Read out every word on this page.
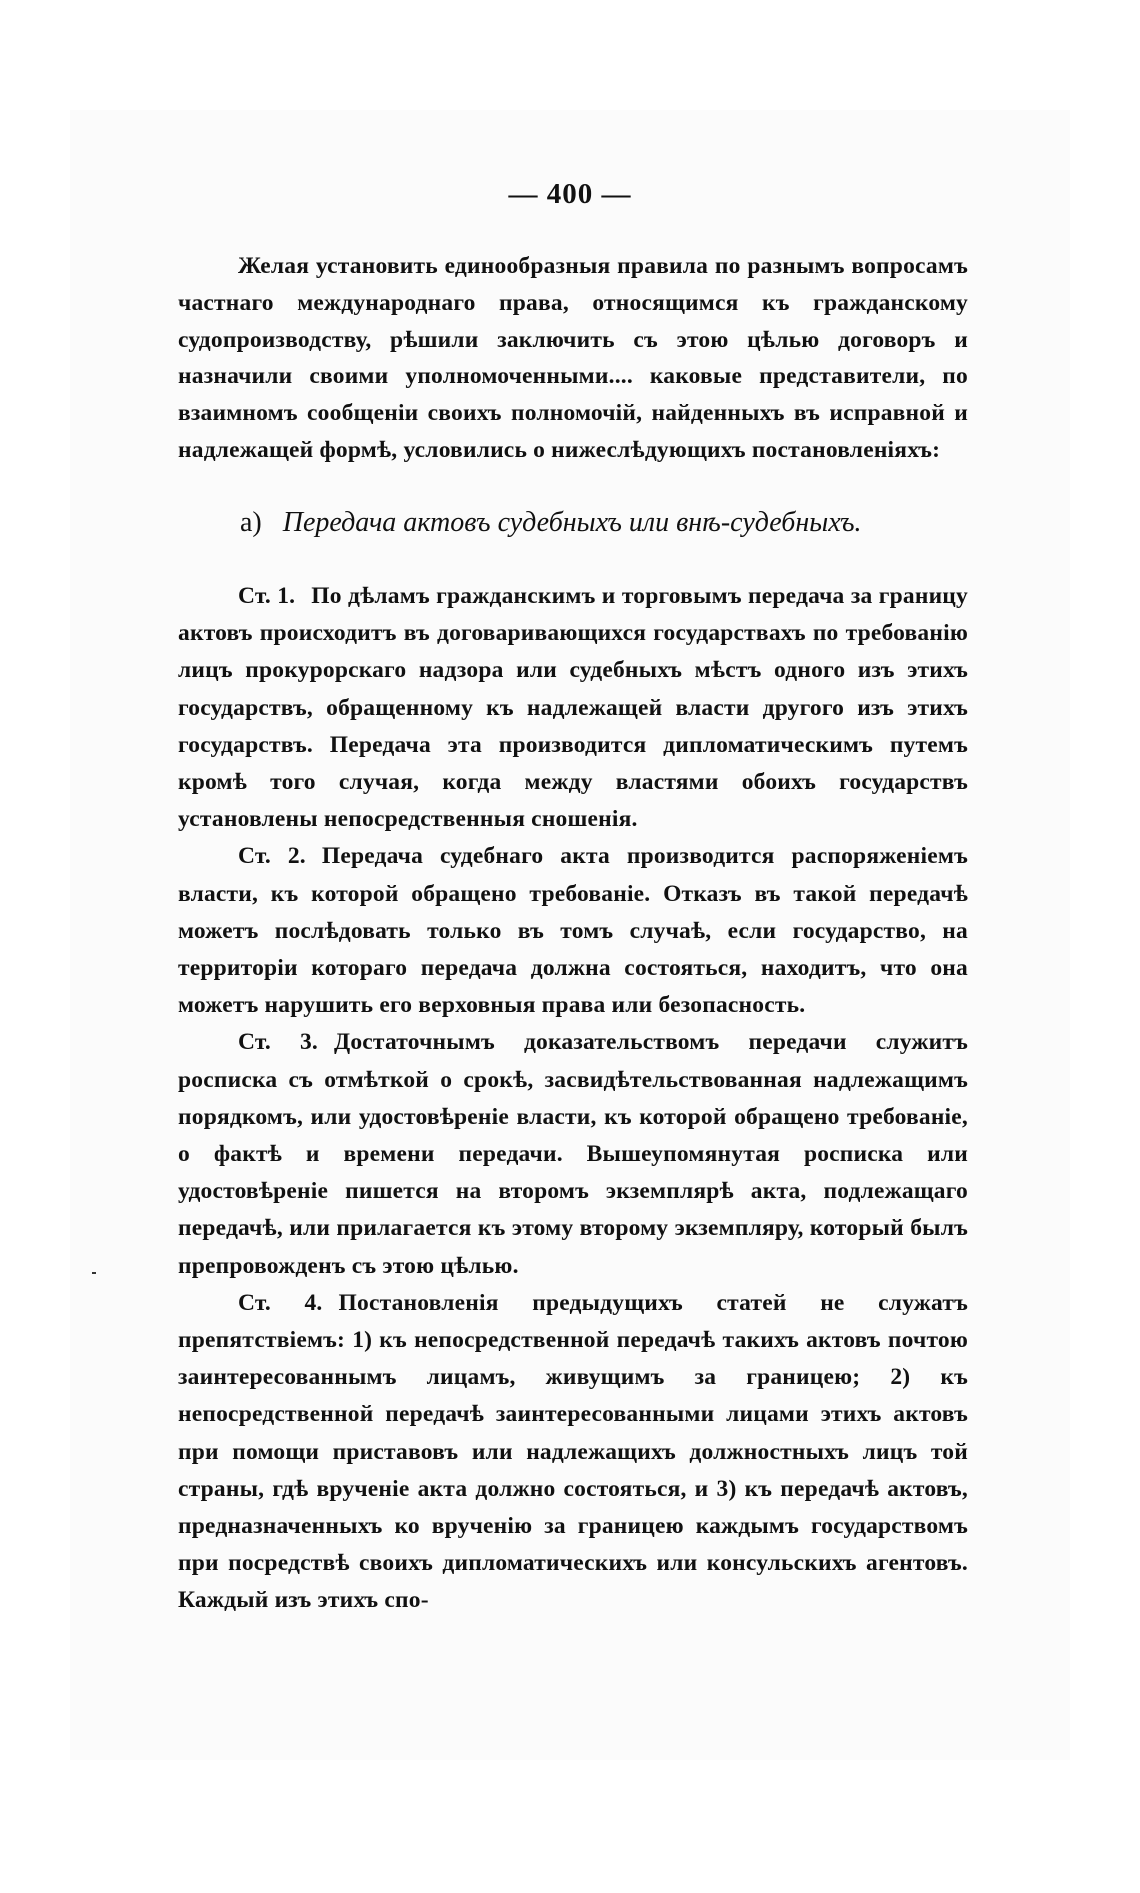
— 400 —

Желая установить единообразныя правила по разнымъ вопросамъ частнаго международнаго права, относящимся къ гражданскому судопроизводству, рѣшили заключить съ этою цѣлью договоръ и назначили своими уполномоченными.... каковые представители, по взаимномъ сообщеніи своихъ полномочій, найденныхъ въ исправной и надлежащей формѣ, условились о нижеслѣдующихъ постановленіяхъ:

a) Передача актовъ судебныхъ или внѣ-судебныхъ.

Ст. 1. По дѣламъ гражданскимъ и торговымъ передача за границу актовъ происходитъ въ договаривающихся государствахъ по требованію лицъ прокурорскаго надзора или судебныхъ мѣстъ одного изъ этихъ государствъ, обращенному къ надлежащей власти другого изъ этихъ государствъ. Передача эта производится дипломатическимъ путемъ кромѣ того случая, когда между властями обоихъ государствъ установлены непосредственныя сношенія.

Ст. 2. Передача судебнаго акта производится распоряженіемъ власти, къ которой обращено требованіе. Отказъ въ такой передачѣ можетъ послѣдовать только въ томъ случаѣ, если государство, на территоріи котораго передача должна состояться, находитъ, что она можетъ нарушить его верховныя права или безопасность.

Ст. 3. Достаточнымъ доказательствомъ передачи служитъ росписка съ отмѣткой о срокѣ, засвидѣтельствованная надлежащимъ порядкомъ, или удостовѣреніе власти, къ которой обращено требованіе, о фактѣ и времени передачи. Вышеупомянутая росписка или удостовѣреніе пишется на второмъ экземплярѣ акта, подлежащаго передачѣ, или прилагается къ этому второму экземпляру, который былъ препровожденъ съ этою цѣлью.

Ст. 4. Постановленія предыдущихъ статей не служатъ препятствіемъ: 1) къ непосредственной передачѣ такихъ актовъ почтою заинтересованнымъ лицамъ, живущимъ за границею; 2) къ непосредственной передачѣ заинтересованными лицами этихъ актовъ при помощи приставовъ или надлежащихъ должностныхъ лицъ той страны, гдѣ врученіе акта должно состояться, и 3) къ передачѣ актовъ, предназначенныхъ ко врученію за границею каждымъ государствомъ при посредствѣ своихъ дипломатическихъ или консульскихъ агентовъ. Каждый изъ этихъ спо-
